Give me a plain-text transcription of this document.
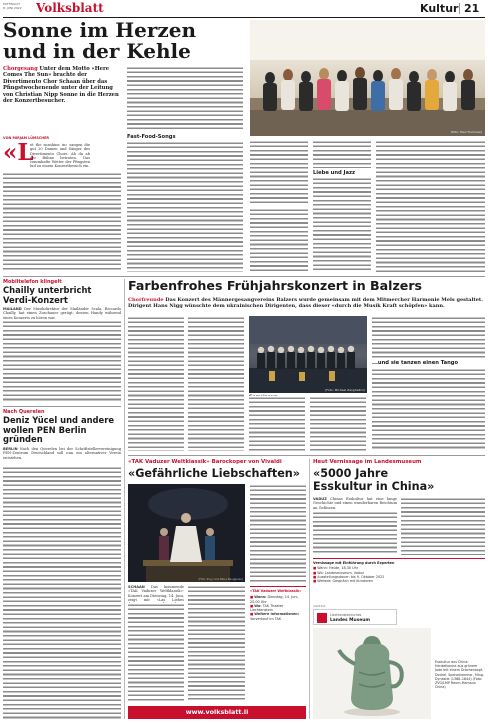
MITTWOCH
8. JUNI 2022	Volksblatt	Kultur 21
Sonne im Herzen
und in der Kehle
Chorgesang Unter dem Motto «Here Comes The Sun» brachte der Divertimento Chor Schaan über das Pfingstwochenende unter der Leitung von Christian Nipp Sonne in die Herzen der Konzertbesucher.
VON MIRJAM LÜMSCHER
«L
et the sunshine in» sangen die gut 20 Damen und Sänger des Divertimento Chors. Ab da ab der Bühne betraten. Das traumhafte Wetter der Pfingsten lud zu einem Konzertbesuch ein.
Fast-Food-Songs
Liebe und Jazz
(Foto: Paul Trummer)
Mobiltelefon klingelt
Chailly unterbricht Verdi-Konzert
MAILAND Der Musikdirektor der Mailänder Scala, Riccardo Chailly, hat einen Zuschauer gerügt, dessen Handy während eines Konzerts zu hören war.
Nach Querelen
Deniz Yücel und andere wollen PEN Berlin gründen
BERLIN Nach den Querelen bei der Schriftstellervereinigung PEN-Zentrum Deutschland soll nun ein alternativer Verein entstehen.
Farbenfrohes Frühjahrskonzert in Balzers
Chorfreunde Das Konzert des Männergesangvereins Balzers wurde gemeinsam mit dem Mitmercher Harmonie Mels gestaltet. Dirigent Hans Nigg wünschte dem ukrainischen Dirigenten, dass dieser «durch die Musik Kraft schöpfen» kann.
(Foto: Michael Zanghellini)
...und sie tanzen einen Tango
«TAK Vaduzer Weltklassik» Barockoper von Vivaldi
«Gefährliche Liebschaften»
(Foto: Zvg / Aris Nikos Beuggeren)
SCHAAN Das kommende «TAK Vaduzer Weltklassik»-Konzert am Dienstag, 14. Juni, zeigt mit «Las Liebes
«TAK Vaduzer Weltklassik»
■ Wann: Dienstag, 14. Juni, 20.00 Uhr
■ Wo: TAK Theater Liechtenstein
■ Weitere Informationen: Vorverkauf im TAK
www.volksblatt.li
Heut Vernissage im Landesmuseum
«5000 Jahre
Esskultur in China»
VADUZ Chinas Esskultur hat eine lange Geschichte und einen wunderbaren Reichtum an Gefässen.
Vernissage mit Einführung durch Experten
■ Wann: Heute, 18.30 Uhr
■ Wo: Landesmuseum, Vaduz
■ Ausstellungsdauer: bis 9. Oktober 2022
■ Weitere: Gespräch mit Kuratoren
ANZEIGE
Liechtensteinisches
Landes Museum
Esskultur aus China: Henkelkanne aus grünem Jade mit einem Drachenkopf-Deckel. Speisekammer, Ming-Dynastie (1368–1644) (Foto: ZVG/LMP Raum-Mamoun China)
